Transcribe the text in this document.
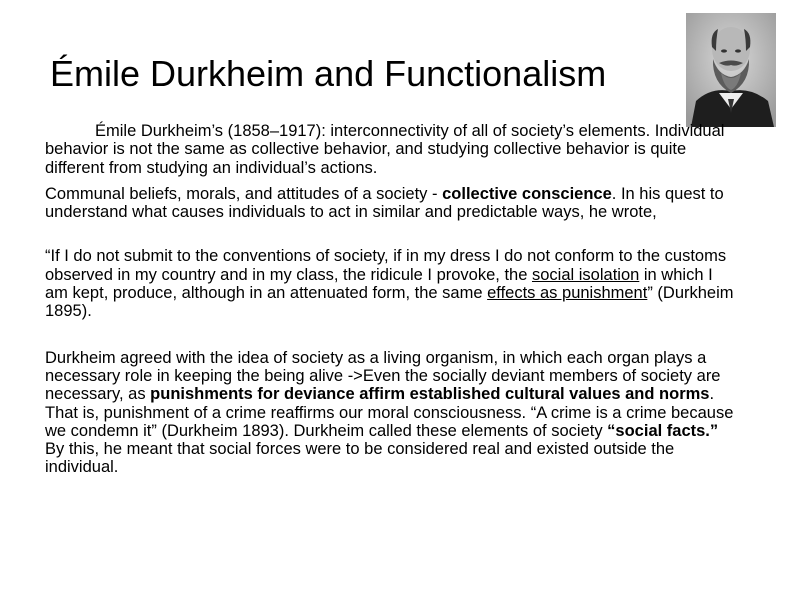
Émile Durkheim and Functionalism

Émile Durkheim’s (1858–1917): interconnectivity of all of society’s elements. Individual behavior is not the same as collective behavior, and studying collective behavior is quite different from studying an individual’s actions.

Communal beliefs, morals, and attitudes of a society - collective conscience. In his quest to understand what causes individuals to act in similar and predictable ways, he wrote,

“If I do not submit to the conventions of society, if in my dress I do not conform to the customs observed in my country and in my class, the ridicule I provoke, the social isolation in which I am kept, produce, although in an attenuated form, the same effects as punishment” (Durkheim 1895).

Durkheim agreed with the idea of society as a living organism, in which each organ plays a necessary role in keeping the being alive ->Even the socially deviant members of society are necessary, as punishments for deviance affirm established cultural values and norms. That is, punishment of a crime reaffirms our moral consciousness. “A crime is a crime because we condemn it” (Durkheim 1893). Durkheim called these elements of society “social facts.” By this, he meant that social forces were to be considered real and existed outside the individual.
